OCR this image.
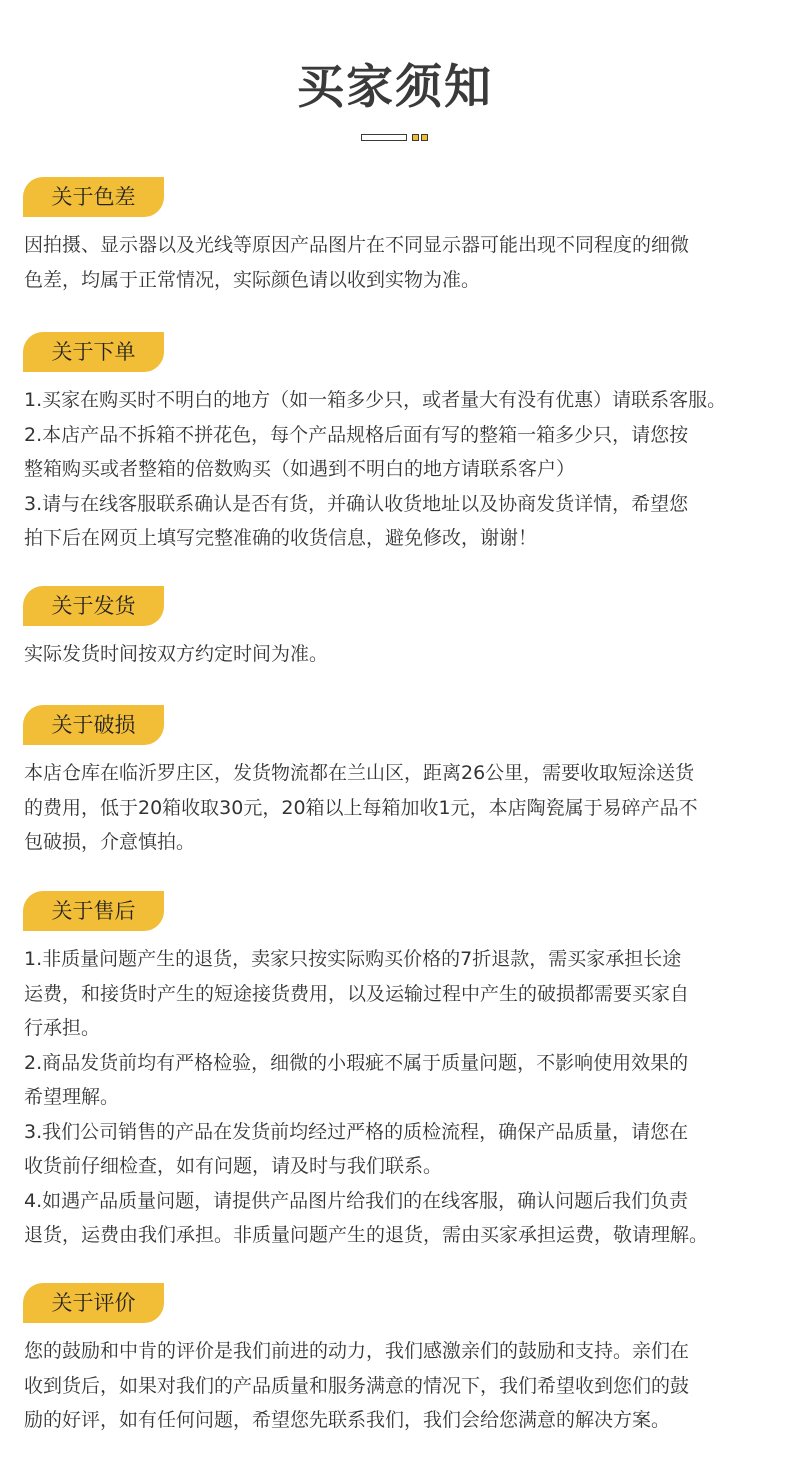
买家须知
关于色差
因拍摄、显示器以及光线等原因产品图片在不同显示器可能出现不同程度的细微
色差，均属于正常情况，实际颜色请以收到实物为准。
关于下单
1.买家在购买时不明白的地方（如一箱多少只，或者量大有没有优惠）请联系客服。
2.本店产品不拆箱不拼花色，每个产品规格后面有写的整箱一箱多少只，请您按
整箱购买或者整箱的倍数购买（如遇到不明白的地方请联系客户）
3.请与在线客服联系确认是否有货，并确认收货地址以及协商发货详情，希望您
拍下后在网页上填写完整准确的收货信息，避免修改，谢谢！
关于发货
实际发货时间按双方约定时间为准。
关于破损
本店仓库在临沂罗庄区，发货物流都在兰山区，距离26公里，需要收取短涂送货
的费用，低于20箱收取30元，20箱以上每箱加收1元，本店陶瓷属于易碎产品不
包破损，介意慎拍。
关于售后
1.非质量问题产生的退货，卖家只按实际购买价格的7折退款，需买家承担长途
运费，和接货时产生的短途接货费用，以及运输过程中产生的破损都需要买家自
行承担。
2.商品发货前均有严格检验，细微的小瑕疵不属于质量问题，不影响使用效果的
希望理解。
3.我们公司销售的产品在发货前均经过严格的质检流程，确保产品质量，请您在
收货前仔细检查，如有问题，请及时与我们联系。
4.如遇产品质量问题，请提供产品图片给我们的在线客服，确认问题后我们负责
退货，运费由我们承担。非质量问题产生的退货，需由买家承担运费，敬请理解。
关于评价
您的鼓励和中肯的评价是我们前进的动力，我们感激亲们的鼓励和支持。亲们在
收到货后，如果对我们的产品质量和服务满意的情况下，我们希望收到您们的鼓
励的好评，如有任何问题，希望您先联系我们，我们会给您满意的解决方案。
